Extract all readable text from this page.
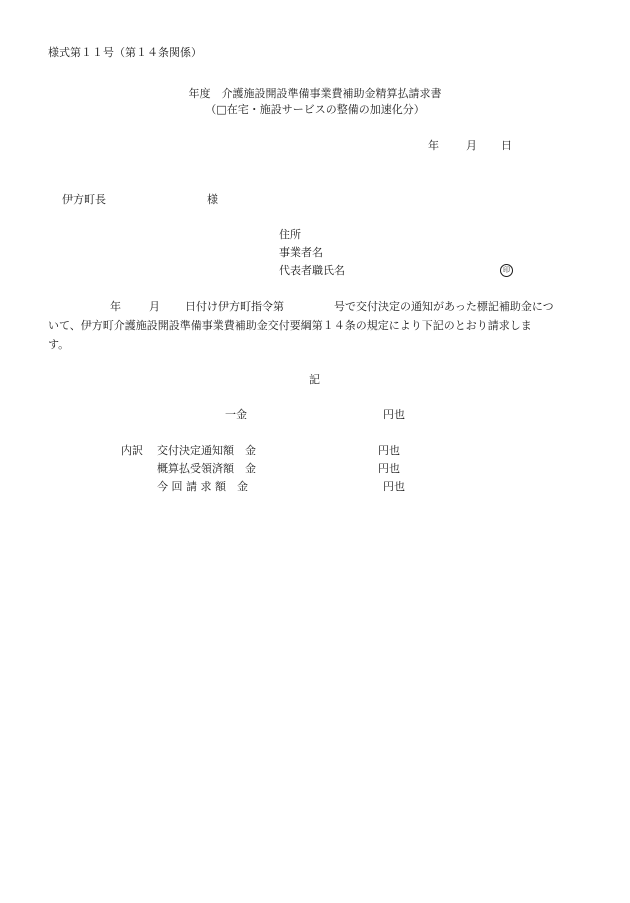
様式第１１号（第１４条関係）
年度　介護施設開設準備事業費補助金精算払請求書
（□在宅・施設サービスの整備の加速化分）
年 月 日
伊方町長	様
住所
事業者名
代表者職氏名	印
年	月 日付け伊方町指令第	号で交付決定の通知があった標記補助金につ
いて、伊方町介護施設開設準備事業費補助金交付要綱第１４条の規定により下記のとおり請求しま
す。
記
一金	円也
内訳 交付決定通知額　金	円也
概算払受領済額　金	円也
今 回 請 求 額　金	円也
